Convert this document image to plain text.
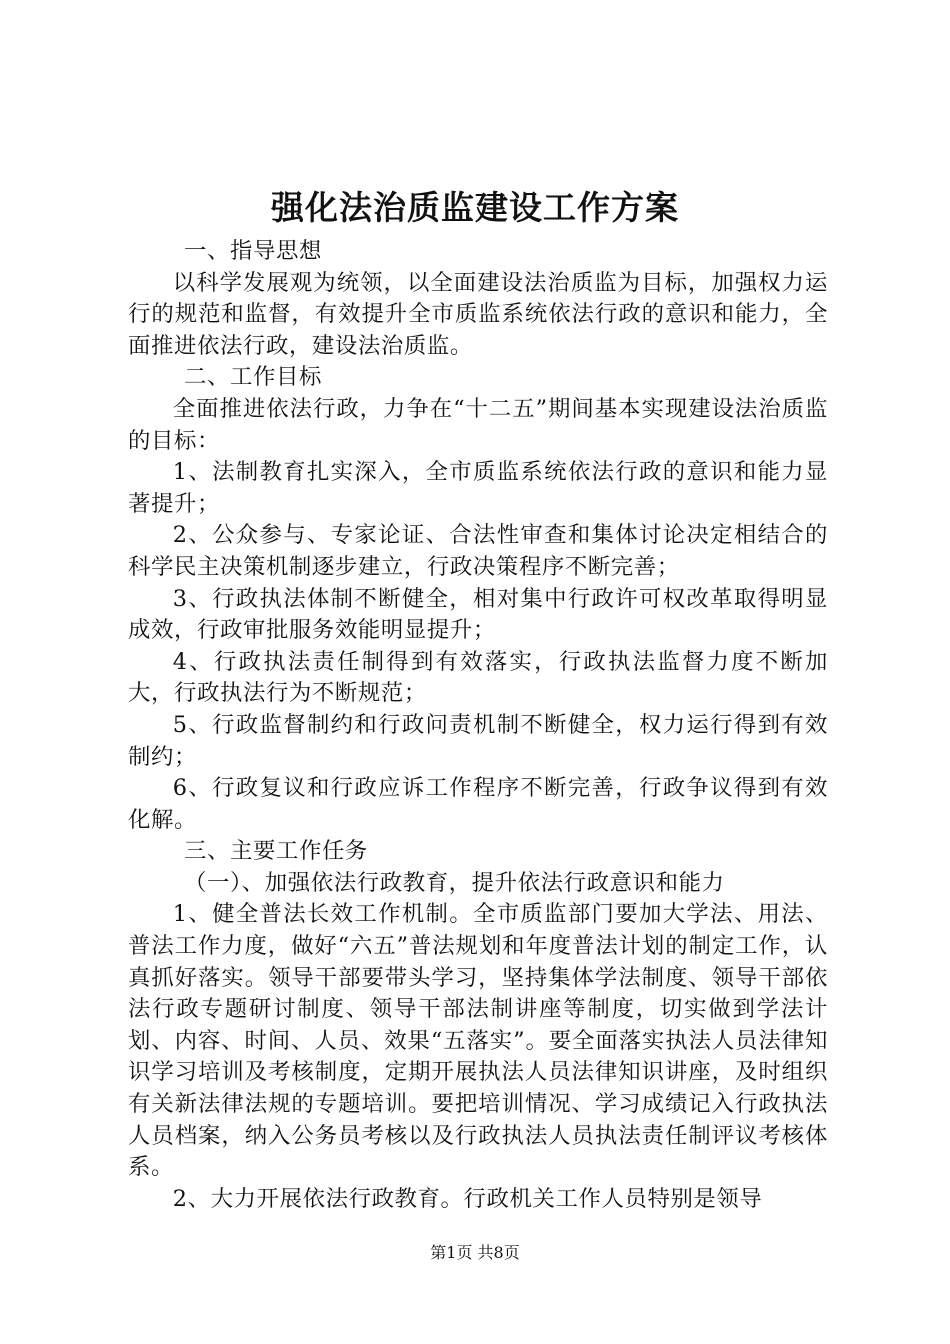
强化法治质监建设工作方案

一、指导思想

以科学发展观为统领，以全面建设法治质监为目标，加强权力运行的规范和监督，有效提升全市质监系统依法行政的意识和能力，全面推进依法行政，建设法治质监。

二、工作目标

全面推进依法行政，力争在“十二五”期间基本实现建设法治质监的目标：

1、法制教育扎实深入，全市质监系统依法行政的意识和能力显著提升；

2、公众参与、专家论证、合法性审查和集体讨论决定相结合的科学民主决策机制逐步建立，行政决策程序不断完善；

3、行政执法体制不断健全，相对集中行政许可权改革取得明显成效，行政审批服务效能明显提升；

4、行政执法责任制得到有效落实，行政执法监督力度不断加大，行政执法行为不断规范；

5、行政监督制约和行政问责机制不断健全，权力运行得到有效制约；

6、行政复议和行政应诉工作程序不断完善，行政争议得到有效化解。

三、主要工作任务

（一）、加强依法行政教育，提升依法行政意识和能力

1、健全普法长效工作机制。全市质监部门要加大学法、用法、普法工作力度，做好“六五”普法规划和年度普法计划的制定工作，认真抓好落实。领导干部要带头学习，坚持集体学法制度、领导干部依法行政专题研讨制度、领导干部法制讲座等制度，切实做到学法计划、内容、时间、人员、效果“五落实”。要全面落实执法人员法律知识学习培训及考核制度，定期开展执法人员法律知识讲座，及时组织有关新法律法规的专题培训。要把培训情况、学习成绩记入行政执法人员档案，纳入公务员考核以及行政执法人员执法责任制评议考核体系。

2、大力开展依法行政教育。行政机关工作人员特别是领导

第1页 共8页
